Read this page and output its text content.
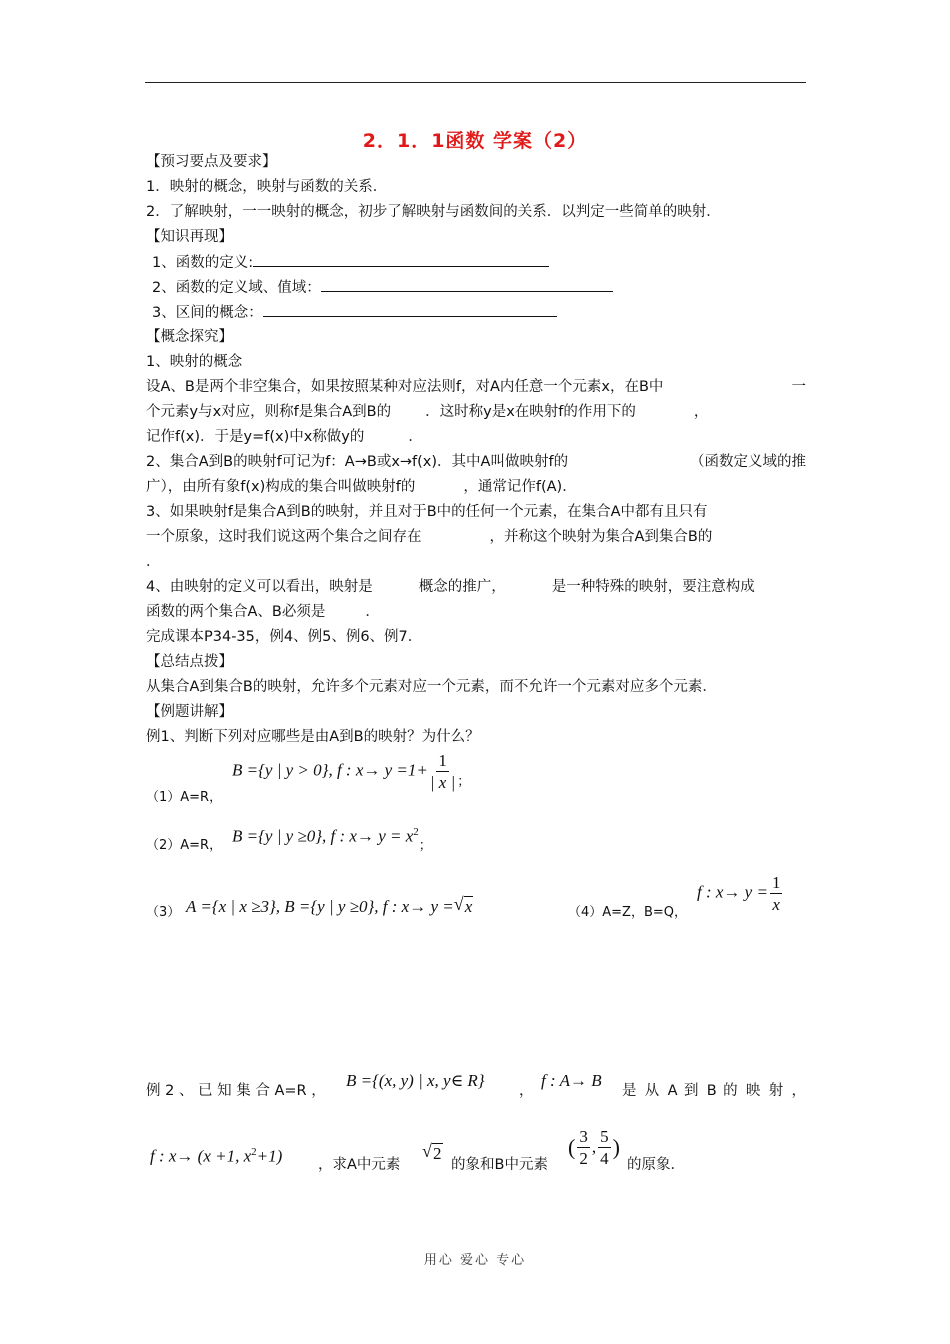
2．1．1函数 学案（2）
【预习要点及要求】
1．映射的概念，映射与函数的关系．
2．了解映射，一一映射的概念，初步了解映射与函数间的关系．以判定一些简单的映射．
【知识再现】
1、函数的定义:
2、函数的定义域、值域：
3、区间的概念：
【概念探究】
1、映射的概念
设A、B是两个非空集合，如果按照某种对应法则f，对A内任意一个元素x，在B中	一
个元素y与x对应，则称f是集合A到B的 ．这时称y是x在映射f的作用下的	，
记作f(x)．于是y=f(x)中x称做y的	．
2、集合A到B的映射f可记为f：A→B或x→f(x)．其中A叫做映射f的	（函数定义域的推
广），由所有象f(x)构成的集合叫做映射f的	，通常记作f(A)．
3、如果映射f是集合A到B的映射，并且对于B中的任何一个元素，在集合A中都有且只有
一个原象，这时我们说这两个集合之间存在	，并称这个映射为集合A到集合B的
．
4、由映射的定义可以看出，映射是	概念的推广，	是一种特殊的映射，要注意构成
函数的两个集合A、B必须是	．
完成课本P34-35，例4、例5、例6、例7．
【总结点拨】
从集合A到集合B的映射，允许多个元素对应一个元素，而不允许一个元素对应多个元素．
【例题讲解】
例1、判断下列对应哪些是由A到B的映射？为什么？
（1）A=R，
B ={y | y > 0}, f : $x\to y =1+ \frac{1}{| x |} _;$
（2）A=R， B ={y | y ≥0}, f : $x\to y = x^2_;$
（3） A ={x | x ≥3}, B ={y | y ≥0}, f : x→ y = √ x	（4）A=Z，B=Q，
f : $x\to y = \frac{1}{x}$
例 2 、 已 知 集 合 A=R ，
B ={(x, y) | x, y∈ R}
，
f : A→ B
是 从 A 到 B 的 映 射 ，
f : x→ (x +1, $x^2+1$) ，求A中元素
√ 2
的象和B中元素
( $\frac{3}{2}$ , $\frac{5}{4}$ )
的原象．
用心 爱心 专心
